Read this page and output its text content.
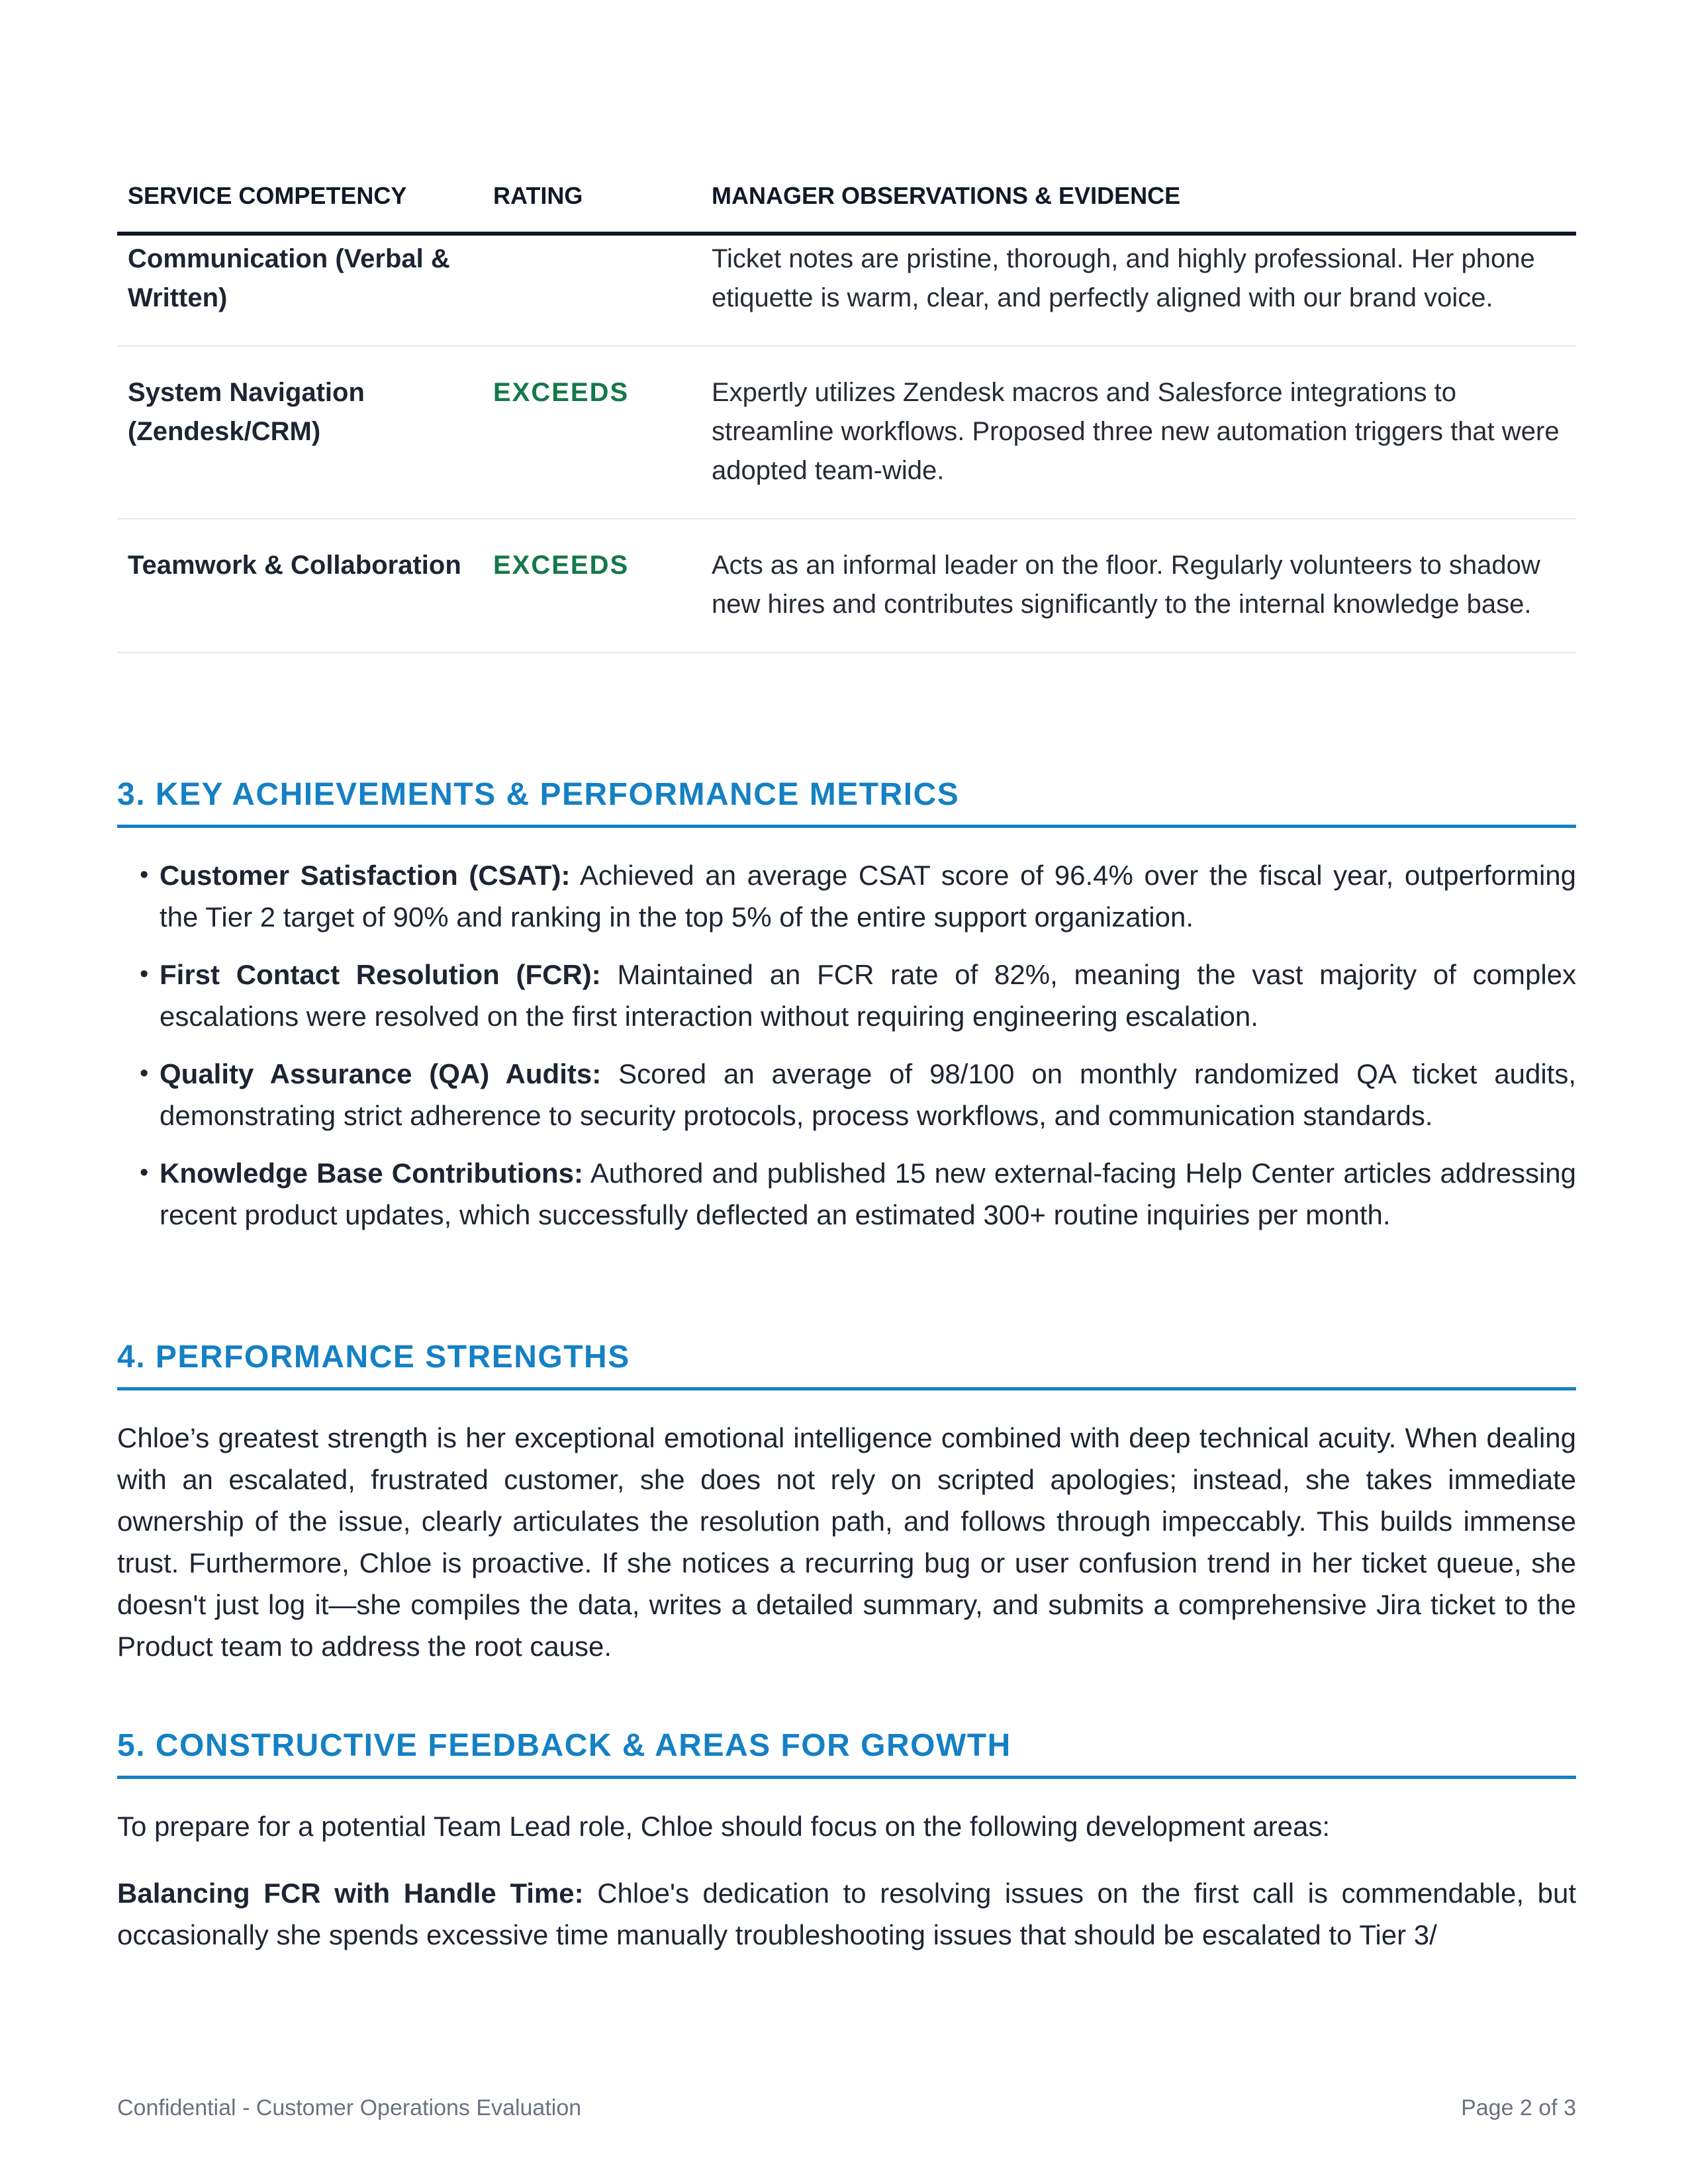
SERVICE COMPETENCY	RATING	MANAGER OBSERVATIONS & EVIDENCE
Communication (Verbal & Written)		Ticket notes are pristine, thorough, and highly professional. Her phone etiquette is warm, clear, and perfectly aligned with our brand voice.
System Navigation (Zendesk/CRM)	EXCEEDS	Expertly utilizes Zendesk macros and Salesforce integrations to streamline workflows. Proposed three new automation triggers that were adopted team-wide.
Teamwork & Collaboration	EXCEEDS	Acts as an informal leader on the floor. Regularly volunteers to shadow new hires and contributes significantly to the internal knowledge base.
3. KEY ACHIEVEMENTS & PERFORMANCE METRICS
• Customer Satisfaction (CSAT): Achieved an average CSAT score of 96.4% over the fiscal year, outperforming the Tier 2 target of 90% and ranking in the top 5% of the entire support organization.
• First Contact Resolution (FCR): Maintained an FCR rate of 82%, meaning the vast majority of complex escalations were resolved on the first interaction without requiring engineering escalation.
• Quality Assurance (QA) Audits: Scored an average of 98/100 on monthly randomized QA ticket audits, demonstrating strict adherence to security protocols, process workflows, and communication standards.
• Knowledge Base Contributions: Authored and published 15 new external-facing Help Center articles addressing recent product updates, which successfully deflected an estimated 300+ routine inquiries per month.
4. PERFORMANCE STRENGTHS

Chloe’s greatest strength is her exceptional emotional intelligence combined with deep technical acuity. When dealing with an escalated, frustrated customer, she does not rely on scripted apologies; instead, she takes immediate ownership of the issue, clearly articulates the resolution path, and follows through impeccably. This builds immense trust. Furthermore, Chloe is proactive. If she notices a recurring bug or user confusion trend in her ticket queue, she doesn't just log it—she compiles the data, writes a detailed summary, and submits a comprehensive Jira ticket to the Product team to address the root cause.

5. CONSTRUCTIVE FEEDBACK & AREAS FOR GROWTH

To prepare for a potential Team Lead role, Chloe should focus on the following development areas:

Balancing FCR with Handle Time: Chloe's dedication to resolving issues on the first call is commendable, but occasionally she spends excessive time manually troubleshooting issues that should be escalated to Tier 3/

Confidential - Customer Operations Evaluation	Page 2 of 3
